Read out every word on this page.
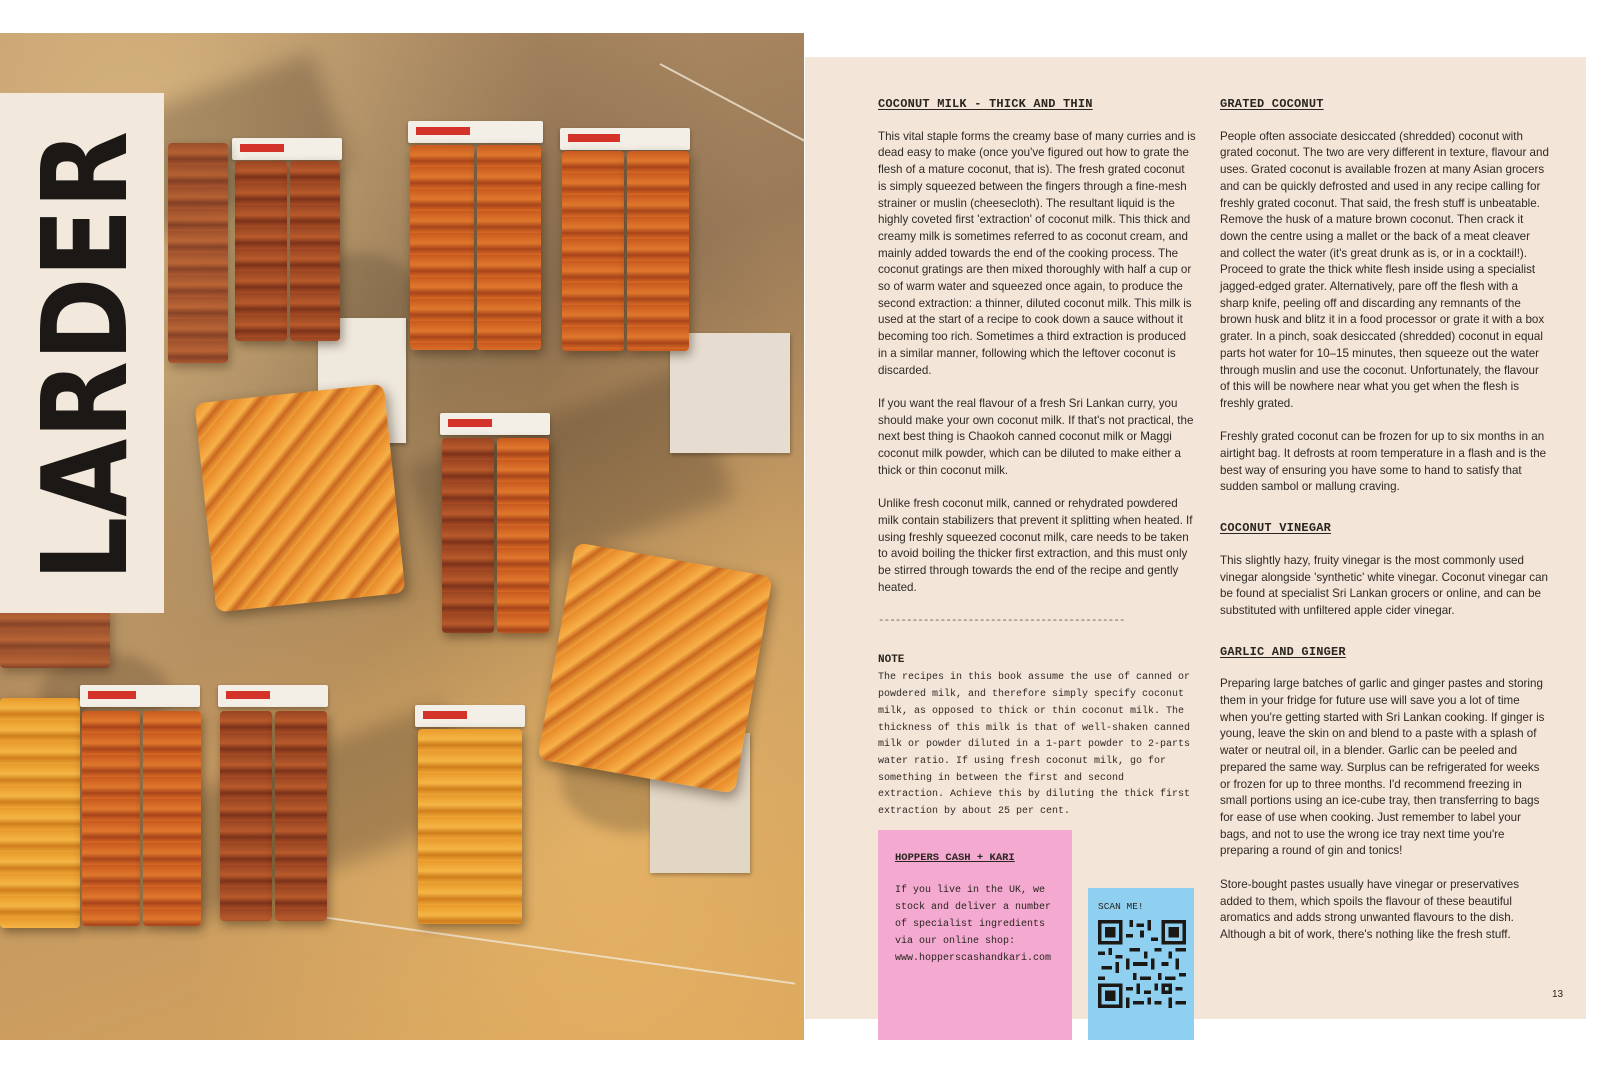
LARDER	COCONUT MILK - THICK AND THIN

This vital staple forms the creamy base of many curries and is dead easy to make (once you've figured out how to grate the flesh of a mature coconut, that is). The fresh grated coconut is simply squeezed between the fingers through a fine-mesh strainer or muslin (cheesecloth). The resultant liquid is the highly coveted first 'extraction' of coconut milk. This thick and creamy milk is sometimes referred to as coconut cream, and mainly added towards the end of the cooking process. The coconut gratings are then mixed thoroughly with half a cup or so of warm water and squeezed once again, to produce the second extraction: a thinner, diluted coconut milk. This milk is used at the start of a recipe to cook down a sauce without it becoming too rich. Sometimes a third extraction is produced in a similar manner, following which the leftover coconut is discarded.

If you want the real flavour of a fresh Sri Lankan curry, you should make your own coconut milk. If that's not practical, the next best thing is Chaokoh canned coconut milk or Maggi coconut milk powder, which can be diluted to make either a thick or thin coconut milk.

Unlike fresh coconut milk, canned or rehydrated powdered milk contain stabilizers that prevent it splitting when heated. If using freshly squeezed coconut milk, care needs to be taken to avoid boiling the thicker first extraction, and this must only be stirred through towards the end of the recipe and gently heated.

--------------------------------------------
NOTE

The recipes in this book assume the use of canned or powdered milk, and therefore simply specify coconut milk, as opposed to thick or thin coconut milk. The thickness of this milk is that of well-shaken canned milk or powder diluted in a 1-part powder to 2-parts water ratio. If using fresh coconut milk, go for something in between the first and second extraction. Achieve this by diluting the thick first extraction by about 25 per cent.

GRATED COCONUT

People often associate desiccated (shredded) coconut with grated coconut. The two are very different in texture, flavour and uses. Grated coconut is available frozen at many Asian grocers and can be quickly defrosted and used in any recipe calling for freshly grated coconut. That said, the fresh stuff is unbeatable. Remove the husk of a mature brown coconut. Then crack it down the centre using a mallet or the back of a meat cleaver and collect the water (it's great drunk as is, or in a cocktail!). Proceed to grate the thick white flesh inside using a specialist jagged-edged grater. Alternatively, pare off the flesh with a sharp knife, peeling off and discarding any remnants of the brown husk and blitz it in a food processor or grate it with a box grater. In a pinch, soak desiccated (shredded) coconut in equal parts hot water for 10–15 minutes, then squeeze out the water through muslin and use the coconut. Unfortunately, the flavour of this will be nowhere near what you get when the flesh is freshly grated.

Freshly grated coconut can be frozen for up to six months in an airtight bag. It defrosts at room temperature in a flash and is the best way of ensuring you have some to hand to satisfy that sudden sambol or mallung craving.

COCONUT VINEGAR

This slightly hazy, fruity vinegar is the most commonly used vinegar alongside 'synthetic' white vinegar. Coconut vinegar can be found at specialist Sri Lankan grocers or online, and can be substituted with unfiltered apple cider vinegar.

GARLIC AND GINGER

Preparing large batches of garlic and ginger pastes and storing them in your fridge for future use will save you a lot of time when you're getting started with Sri Lankan cooking. If ginger is young, leave the skin on and blend to a paste with a splash of water or neutral oil, in a blender. Garlic can be peeled and prepared the same way. Surplus can be refrigerated for weeks or frozen for up to three months. I'd recommend freezing in small portions using an ice-cube tray, then transferring to bags for ease of use when cooking. Just remember to label your bags, and not to use the wrong ice tray next time you're preparing a round of gin and tonics!

Store-bought pastes usually have vinegar or preservatives added to them, which spoils the flavour of these beautiful aromatics and adds strong unwanted flavours to the dish. Although a bit of work, there's nothing like the fresh stuff.

HOPPERS CASH + KARI

If you live in the UK, we stock and deliver a number of specialist ingredients via our online shop: www.hopperscashandkari.com

SCAN ME!
13
